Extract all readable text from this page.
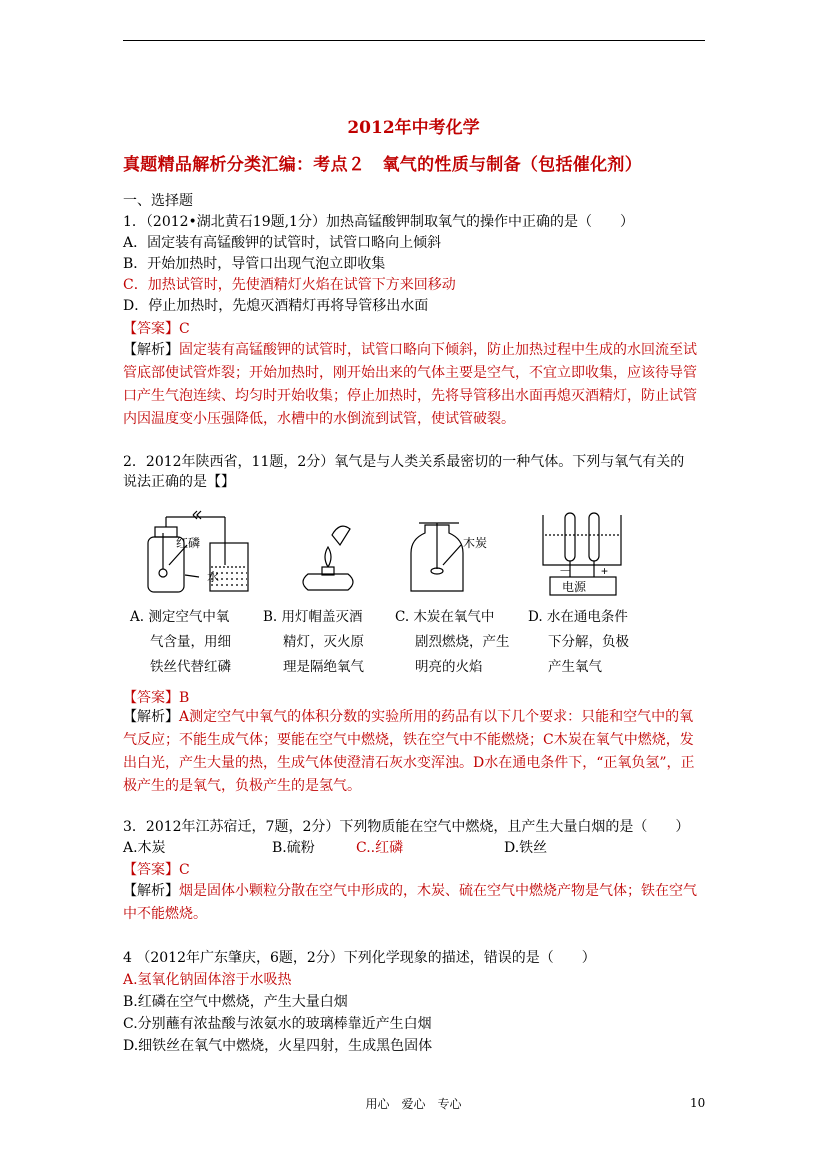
2012年中考化学
真题精品解析分类汇编：考点２　氧气的性质与制备（包括催化剂）
一、选择题
1．（2012•湖北黄石19题,1分）加热高锰酸钾制取氧气的操作中正确的是（　　）
A．固定装有高锰酸钾的试管时，试管口略向上倾斜
B．开始加热时，导管口出现气泡立即收集
C．加热试管时，先使酒精灯火焰在试管下方来回移动
D．停止加热时，先熄灭酒精灯再将导管移出水面
【答案】C
【解析】固定装有高锰酸钾的试管时，试管口略向下倾斜，防止加热过程中生成的水回流至试管底部使试管炸裂；开始加热时，刚开始出来的气体主要是空气，不宜立即收集，应该待导管口产生气泡连续、均匀时开始收集；停止加热时，先将导管移出水面再熄灭酒精灯，防止试管内因温度变小压强降低，水槽中的水倒流到试管，使试管破裂。
2．2012年陕西省，11题，2分）氧气是与人类关系最密切的一种气体。下列与氧气有关的
说法正确的是【】
红磷
水
木炭
电源
－ +
A. 测定空气中氧
气含量，用细
铁丝代替红磷
B. 用灯帽盖灭酒
精灯，灭火原
理是隔绝氧气
C. 木炭在氧气中
剧烈燃烧，产生
明亮的火焰
D. 水在通电条件
下分解，负极
产生氧气
【答案】B
【解析】A测定空气中氧气的体积分数的实验所用的药品有以下几个要求：只能和空气中的氧气反应；不能生成气体；要能在空气中燃烧，铁在空气中不能燃烧；C木炭在氧气中燃烧，发出白光，产生大量的热，生成气体使澄清石灰水变浑浊。D水在通电条件下，“正氧负氢”，正极产生的是氧气，负极产生的是氢气。
3．2012年江苏宿迁，7题，2分）下列物质能在空气中燃烧，且产生大量白烟的是（　　）
A.木炭	B.硫粉	C..红磷	D.铁丝
【答案】C
【解析】烟是固体小颗粒分散在空气中形成的，木炭、硫在空气中燃烧产物是气体；铁在空气中不能燃烧。
4 （2012年广东肇庆，6题，2分）下列化学现象的描述，错误的是（　　）
A.氢氧化钠固体溶于水吸热
B.红磷在空气中燃烧，产生大量白烟
C.分别蘸有浓盐酸与浓氨水的玻璃棒靠近产生白烟
D.细铁丝在氧气中燃烧，火星四射，生成黑色固体
用心　爱心　专心	10
